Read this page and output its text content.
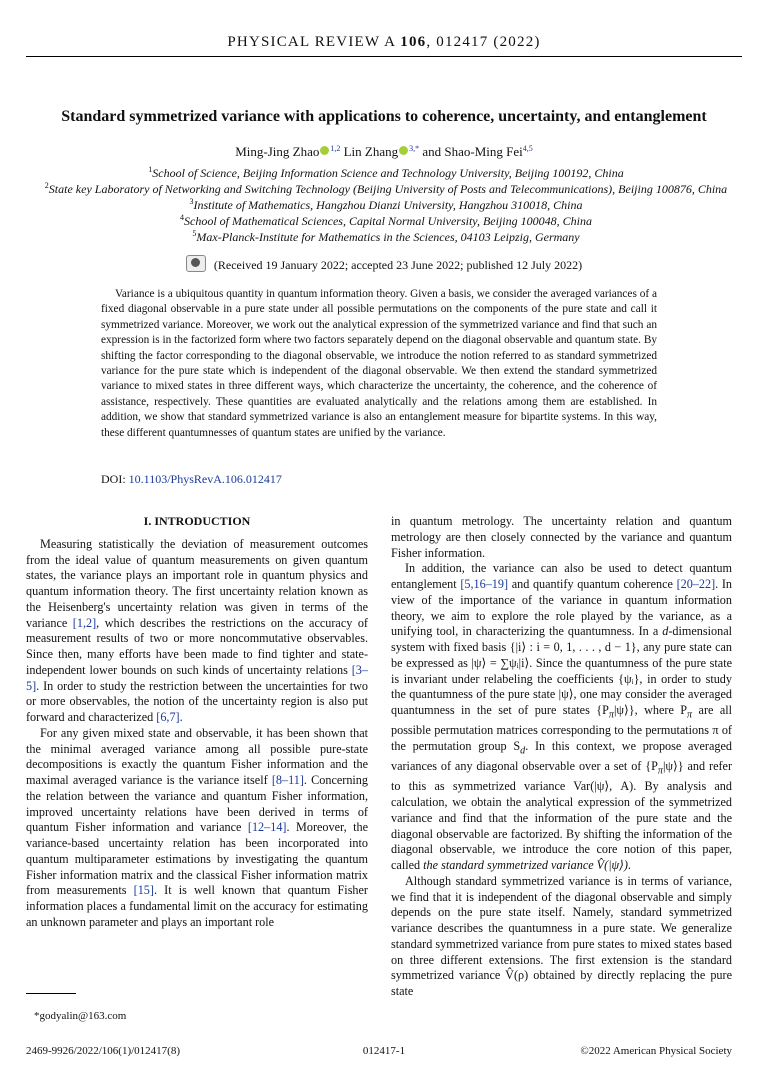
PHYSICAL REVIEW A 106, 012417 (2022)
Standard symmetrized variance with applications to coherence, uncertainty, and entanglement
Ming-Jing Zhao $^{1,2}$ Lin Zhang $^{3,*}$ and Shao-Ming Fei$^{4,5}$
$^1$School of Science, Beijing Information Science and Technology University, Beijing 100192, China
$^2$State key Laboratory of Networking and Switching Technology (Beijing University of Posts and Telecommunications), Beijing 100876, China
$^3$Institute of Mathematics, Hangzhou Dianzi University, Hangzhou 310018, China
$^4$School of Mathematical Sciences, Capital Normal University, Beijing 100048, China
$^5$Max-Planck-Institute for Mathematics in the Sciences, 04103 Leipzig, Germany
(Received 19 January 2022; accepted 23 June 2022; published 12 July 2022)

Variance is a ubiquitous quantity in quantum information theory. Given a basis, we consider the averaged variances of a fixed diagonal observable in a pure state under all possible permutations on the components of the pure state and call it symmetrized variance. Moreover, we work out the analytical expression of the symmetrized variance and find that such an expression is in the factorized form where two factors separately depend on the diagonal observable and quantum state. By shifting the factor corresponding to the diagonal observable, we introduce the notion referred to as standard symmetrized variance for the pure state which is independent of the diagonal observable. We then extend the standard symmetrized variance to mixed states in three different ways, which characterize the uncertainty, the coherence, and the coherence of assistance, respectively. These quantities are evaluated analytically and the relations among them are established. In addition, we show that standard symmetrized variance is also an entanglement measure for bipartite systems. In this way, these different quantumnesses of quantum states are unified by the variance.

DOI: 10.1103/PhysRevA.106.012417
I. INTRODUCTION

Measuring statistically the deviation of measurement outcomes from the ideal value of quantum measurements on given quantum states, the variance plays an important role in quantum physics and quantum information theory. The first uncertainty relation known as the Heisenberg's uncertainty relation was given in terms of the variance [1,2], which describes the restrictions on the accuracy of measurement results of two or more noncommutative observables. Since then, many efforts have been made to find tighter and state-independent lower bounds on such kinds of uncertainty relations [3–5]. In order to study the restriction between the uncertainties for two or more observables, the notion of the uncertainty region is also put forward and characterized [6,7].

For any given mixed state and observable, it has been shown that the minimal averaged variance among all possible pure-state decompositions is exactly the quantum Fisher information and the maximal averaged variance is the variance itself [8–11]. Concerning the relation between the variance and quantum Fisher information, improved uncertainty relations have been derived in terms of quantum Fisher information and variance [12–14]. Moreover, the variance-based uncertainty relation has been incorporated into quantum multiparameter estimations by investigating the quantum Fisher information matrix and the classical Fisher information matrix from measurements [15]. It is well known that quantum Fisher information places a fundamental limit on the accuracy for estimating an unknown parameter and plays an important role

in quantum metrology. The uncertainty relation and quantum metrology are then closely connected by the variance and quantum Fisher information.

In addition, the variance can also be used to detect quantum entanglement [5,16–19] and quantify quantum coherence [20–22]. In view of the importance of the variance in quantum information theory, we aim to explore the role played by the variance, as a unifying tool, in characterizing the quantumness. In a d-dimensional system with fixed basis {|i⟩ : i = 0, 1, . . . , d − 1}, any pure state can be expressed as |ψ⟩ = ∑ψᵢ|i⟩. Since the quantumness of the pure state is invariant under relabeling the coefficients {ψᵢ}, in order to study the quantumness of the pure state |ψ⟩, one may consider the averaged quantumness in the set of pure states $\{P_\pi|\psi⟩\}$, where $P_\pi$ are all possible permutation matrices corresponding to the permutations π of the permutation group $S_d$. In this context, we propose averaged variances of any diagonal observable over a set of $\{P_\pi|\psi⟩\}$ and refer to this as symmetrized variance Var(|ψ⟩, A). By analysis and calculation, we obtain the analytical expression of the symmetrized variance and find that the information of the pure state and the diagonal observable are factorized. By shifting the information of the diagonal observable, we introduce the core notion of this paper, called the standard symmetrized variance V̂(|ψ⟩).

Although standard symmetrized variance is in terms of variance, we find that it is independent of the diagonal observable and simply depends on the pure state itself. Namely, standard symmetrized variance describes the quantumness in a pure state. We generalize standard symmetrized variance from pure states to mixed states based on three different extensions. The first extension is the standard symmetrized variance V̂(ρ) obtained by directly replacing the pure state

*godyalin@163.com
2469-9926/2022/106(1)/012417(8)	012417-1	©2022 American Physical Society
